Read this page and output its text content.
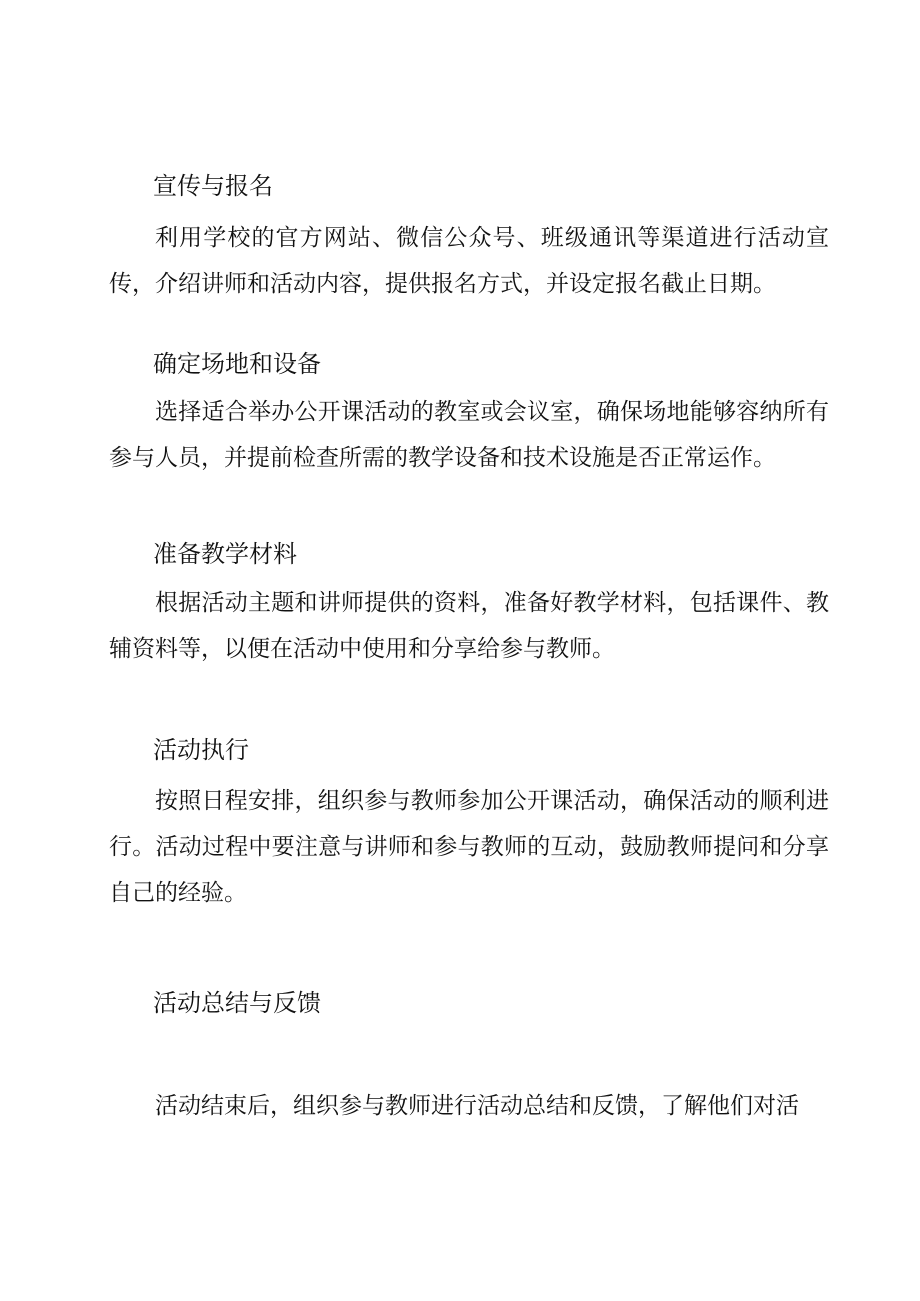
宣传与报名
利用学校的官方网站、微信公众号、班级通讯等渠道进行活动宣
传，介绍讲师和活动内容，提供报名方式，并设定报名截止日期。
确定场地和设备
选择适合举办公开课活动的教室或会议室，确保场地能够容纳所有
参与人员，并提前检查所需的教学设备和技术设施是否正常运作。
准备教学材料
根据活动主题和讲师提供的资料，准备好教学材料，包括课件、教
辅资料等，以便在活动中使用和分享给参与教师。
活动执行
按照日程安排，组织参与教师参加公开课活动，确保活动的顺利进
行。活动过程中要注意与讲师和参与教师的互动，鼓励教师提问和分享
自己的经验。
活动总结与反馈
活动结束后，组织参与教师进行活动总结和反馈，了解他们对活
